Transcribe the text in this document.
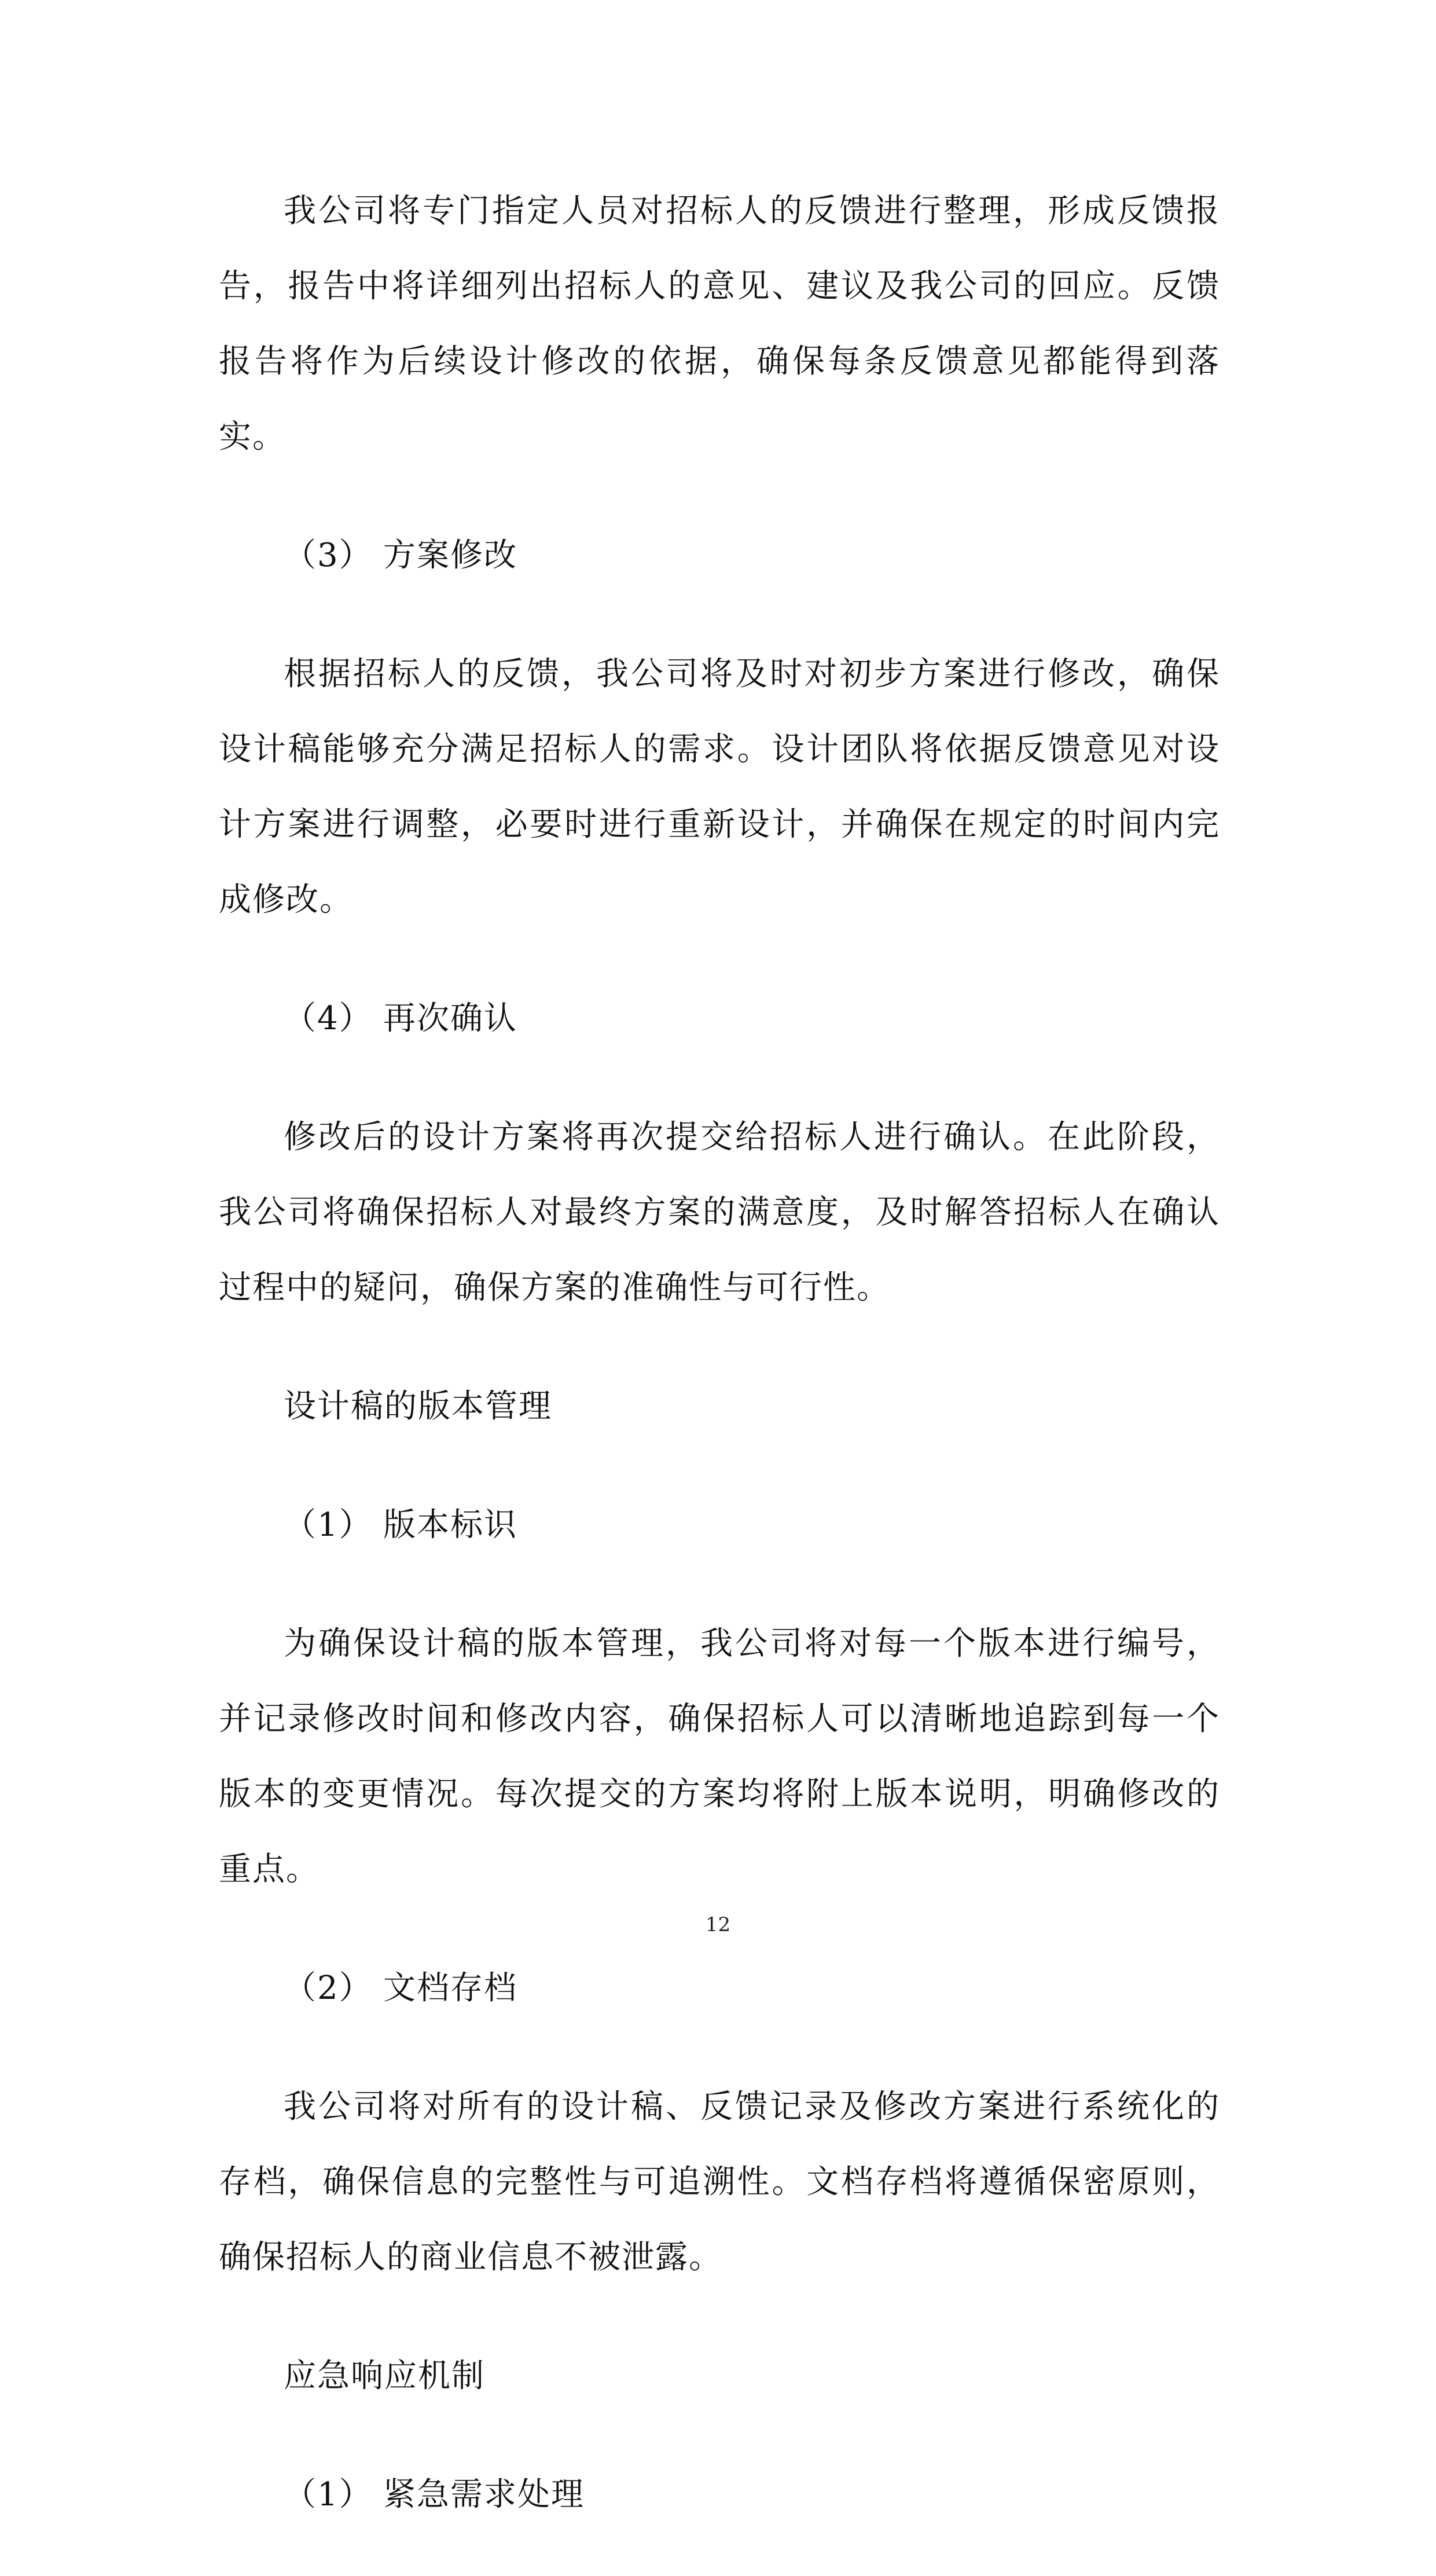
我公司将专门指定人员对招标人的反馈进行整理，形成反馈报告，报告中将详细列出招标人的意见、建议及我公司的回应。反馈报告将作为后续设计修改的依据，确保每条反馈意见都能得到落实。

（3） 方案修改

根据招标人的反馈，我公司将及时对初步方案进行修改，确保设计稿能够充分满足招标人的需求。设计团队将依据反馈意见对设计方案进行调整，必要时进行重新设计，并确保在规定的时间内完成修改。

（4） 再次确认

修改后的设计方案将再次提交给招标人进行确认。在此阶段，我公司将确保招标人对最终方案的满意度，及时解答招标人在确认过程中的疑问，确保方案的准确性与可行性。

设计稿的版本管理
（1） 版本标识

为确保设计稿的版本管理，我公司将对每一个版本进行编号，并记录修改时间和修改内容，确保招标人可以清晰地追踪到每一个版本的变更情况。每次提交的方案均将附上版本说明，明确修改的重点。

（2） 文档存档

我公司将对所有的设计稿、反馈记录及修改方案进行系统化的存档，确保信息的完整性与可追溯性。文档存档将遵循保密原则，确保招标人的商业信息不被泄露。

应急响应机制
（1） 紧急需求处理
12
